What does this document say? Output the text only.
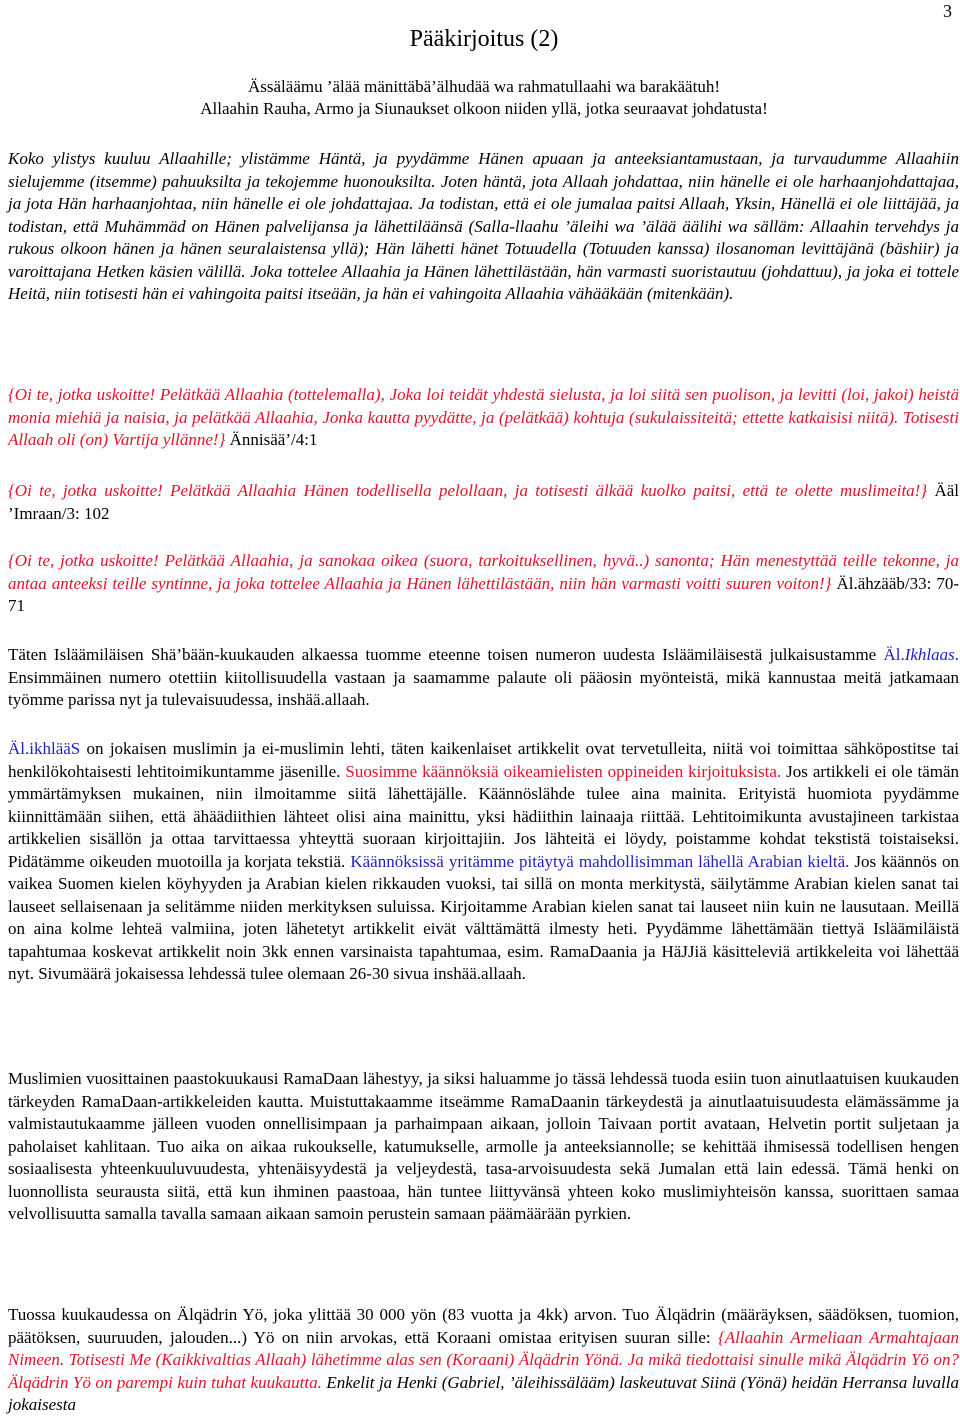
3
Pääkirjoitus (2)
Ässäläämu ’älää mänittäbä’älhudää wa rahmatullaahi wa barakäätuh!
Allaahin Rauha, Armo ja Siunaukset olkoon niiden yllä, jotka seuraavat johdatusta!

Koko ylistys kuuluu Allaahille; ylistämme Häntä, ja pyydämme Hänen apuaan ja anteeksiantamustaan, ja turvaudumme Allaahiin sielujemme (itsemme) pahuuksilta ja tekojemme huonouksilta. Joten häntä, jota Allaah johdattaa, niin hänelle ei ole harhaanjohdattajaa, ja jota Hän harhaanjohtaa, niin hänelle ei ole johdattajaa. Ja todistan, että ei ole jumalaa paitsi Allaah, Yksin, Hänellä ei ole liittäjää, ja todistan, että Muhämmäd on Hänen palvelijansa ja lähettiläänsä (Salla-llaahu ’äleihi wa ’älää äälihi wa sälläm: Allaahin tervehdys ja rukous olkoon hänen ja hänen seuralaistensa yllä); Hän lähetti hänet Totuudella (Totuuden kanssa) ilosanoman levittäjänä (bäshiir) ja varoittajana Hetken käsien välillä. Joka tottelee Allaahia ja Hänen lähettilästään, hän varmasti suoristautuu (johdattuu), ja joka ei tottele Heitä, niin totisesti hän ei vahingoita paitsi itseään, ja hän ei vahingoita Allaahia vähääkään (mitenkään).

{Oi te, jotka uskoitte! Pelätkää Allaahia (tottelemalla), Joka loi teidät yhdestä sielusta, ja loi siitä sen puolison, ja levitti (loi, jakoi) heistä monia miehiä ja naisia, ja pelätkää Allaahia, Jonka kautta pyydätte, ja (pelätkää) kohtuja (sukulaissiteitä; ettette katkaisisi niitä). Totisesti Allaah oli (on) Vartija yllänne!} Ännisää’/4:1

{Oi te, jotka uskoitte! Pelätkää Allaahia Hänen todellisella pelollaan, ja totisesti älkää kuolko paitsi, että te olette muslimeita!} Ääl ’Imraan/3: 102

{Oi te, jotka uskoitte! Pelätkää Allaahia, ja sanokaa oikea (suora, tarkoituksellinen, hyvä..) sanonta; Hän menestyttää teille tekonne, ja antaa anteeksi teille syntinne, ja joka tottelee Allaahia ja Hänen lähettilästään, niin hän varmasti voitti suuren voiton!} Äl.ähzääb/33: 70-71

Täten Isläämiläisen Shä’bään-kuukauden alkaessa tuomme eteenne toisen numeron uudesta Isläämiläisestä julkaisustamme Äl.Ikhlaas. Ensimmäinen numero otettiin kiitollisuudella vastaan ja saamamme palaute oli pääosin myönteistä, mikä kannustaa meitä jatkamaan työmme parissa nyt ja tulevaisuudessa, inshää.allaah.

Äl.ikhlääS on jokaisen muslimin ja ei-muslimin lehti, täten kaikenlaiset artikkelit ovat tervetulleita, niitä voi toimittaa sähköpostitse tai henkilökohtaisesti lehtitoimikuntamme jäsenille. Suosimme käännöksiä oikeamielisten oppineiden kirjoituksista. Jos artikkeli ei ole tämän ymmärtämyksen mukainen, niin ilmoitamme siitä lähettäjälle. Käännöslähde tulee aina mainita. Erityistä huomiota pyydämme kiinnittämään siihen, että ähäädiithien lähteet olisi aina mainittu, yksi hädiithin lainaaja riittää. Lehtitoimikunta avustajineen tarkistaa artikkelien sisällön ja ottaa tarvittaessa yhteyttä suoraan kirjoittajiin. Jos lähteitä ei löydy, poistamme kohdat tekstistä toistaiseksi. Pidätämme oikeuden muotoilla ja korjata tekstiä. Käännöksissä yritämme pitäytyä mahdollisimman lähellä Arabian kieltä. Jos käännös on vaikea Suomen kielen köyhyyden ja Arabian kielen rikkauden vuoksi, tai sillä on monta merkitystä, säilytämme Arabian kielen sanat tai lauseet sellaisenaan ja selitämme niiden merkityksen suluissa. Kirjoitamme Arabian kielen sanat tai lauseet niin kuin ne lausutaan. Meillä on aina kolme lehteä valmiina, joten lähetetyt artikkelit eivät välttämättä ilmesty heti. Pyydämme lähettämään tiettyä Isläämiläistä tapahtumaa koskevat artikkelit noin 3kk ennen varsinaista tapahtumaa, esim. RamaDaania ja HäJJiä käsitteleviä artikkeleita voi lähettää nyt. Sivumäärä jokaisessa lehdessä tulee olemaan 26-30 sivua inshää.allaah.

Muslimien vuosittainen paastokuukausi RamaDaan lähestyy, ja siksi haluamme jo tässä lehdessä tuoda esiin tuon ainutlaatuisen kuukauden tärkeyden RamaDaan-artikkeleiden kautta. Muistuttakaamme itseämme RamaDaanin tärkeydestä ja ainutlaatuisuudesta elämässämme ja valmistautukaamme jälleen vuoden onnellisimpaan ja parhaimpaan aikaan, jolloin Taivaan portit avataan, Helvetin portit suljetaan ja paholaiset kahlitaan. Tuo aika on aikaa rukoukselle, katumukselle, armolle ja anteeksiannolle; se kehittää ihmisessä todellisen hengen sosiaalisesta yhteenkuuluvuudesta, yhtenäisyydestä ja veljeydestä, tasa-arvoisuudesta sekä Jumalan että lain edessä. Tämä henki on luonnollista seurausta siitä, että kun ihminen paastoaa, hän tuntee liittyvänsä yhteen koko muslimiyhteisön kanssa, suorittaen samaa velvollisuutta samalla tavalla samaan aikaan samoin perustein samaan päämäärään pyrkien.

Tuossa kuukaudessa on Älqädrin Yö, joka ylittää 30 000 yön (83 vuotta ja 4kk) arvon. Tuo Älqädrin (määräyksen, säädöksen, tuomion, päätöksen, suuruuden, jalouden...) Yö on niin arvokas, että Koraani omistaa erityisen suuran sille: {Allaahin Armeliaan Armahtajaan Nimeen. Totisesti Me (Kaikkivaltias Allaah) lähetimme alas sen (Koraani) Älqädrin Yönä. Ja mikä tiedottaisi sinulle mikä Älqädrin Yö on? Älqädrin Yö on parempi kuin tuhat kuukautta. Enkelit ja Henki (Gabriel, ’äleihissälääm) laskeutuvat Siinä (Yönä) heidän Herransa luvalla jokaisesta
